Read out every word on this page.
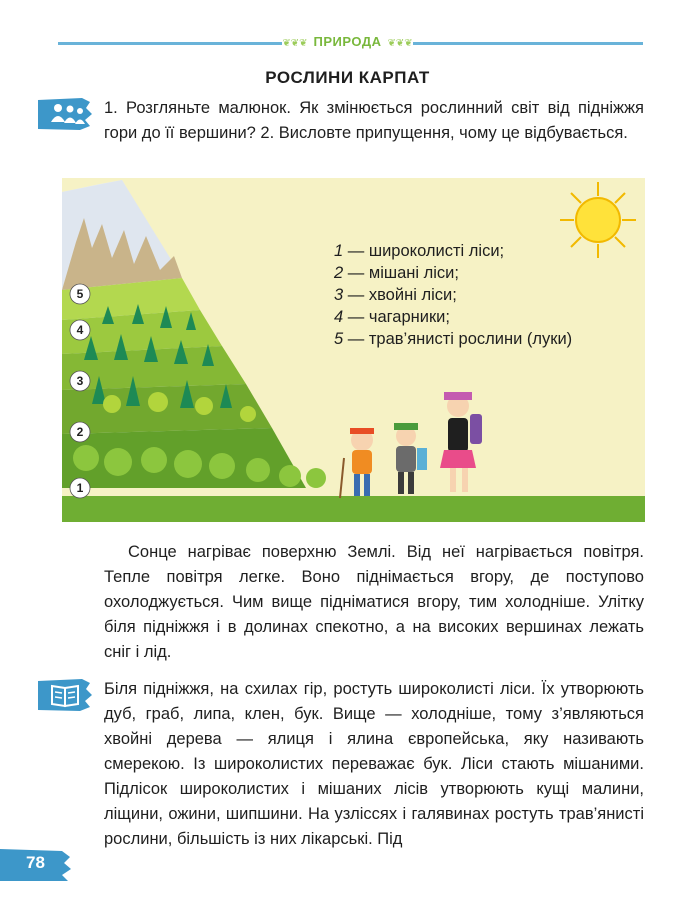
❦❦❦ ПРИРОДА ❦❦❦
РОСЛИНИ КАРПАТ
1. Розгляньте малюнок. Як змінюється рослинний світ від підніжжя гори до її вершини? 2. Висловте припущення, чому це відбувається.
5
4
3
2
1
1 — широколисті ліси;
2 — мішані ліси;
3 — хвойні ліси;
4 — чагарники;
5 — трав’янисті рослини (луки)

Сонце нагріває поверхню Землі. Від неї нагрівається повітря. Тепле повітря легке. Воно піднімається вгору, де поступово охолоджується. Чим вище підніматися вгору, тим холодніше. Улітку біля підніжжя і в долинах спекотно, а на високих вершинах лежать сніг і лід.

Біля підніжжя, на схилах гір, ростуть широколисті ліси. Їх утворюють дуб, граб, липа, клен, бук. Вище — холодніше, тому з’являються хвойні дерева — ялиця і ялина європейська, яку називають смерекою. Із широколистих переважає бук. Ліси стають мішаними. Підлісок широколистих і мішаних лісів утворюють кущі малини, ліщини, ожини, шипшини. На узліссях і галявинах ростуть трав’янисті рослини, більшість із них лікарські. Під
78
